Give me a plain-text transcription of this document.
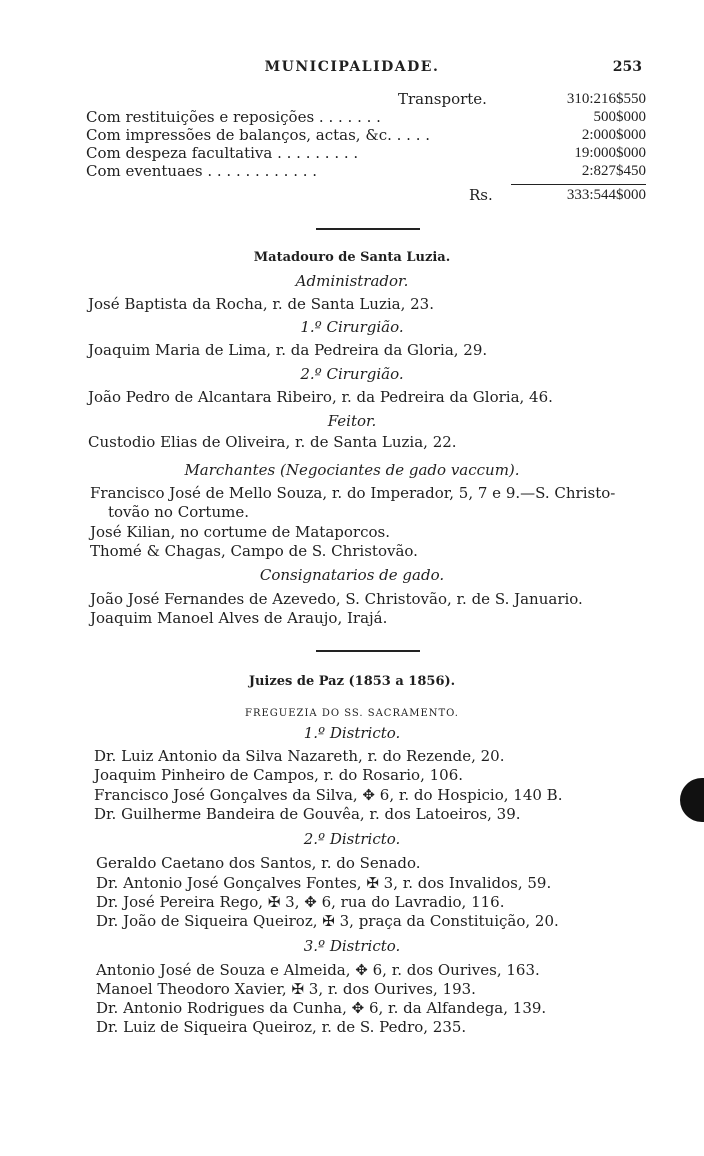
MUNICIPALIDADE.	253
Transporte.	310:216$550
Com restituições e reposições . . . . . . .	500$000
Com impressões de balanços, actas, &c. . . . .	2:000$000
Com despeza facultativa . . . . . . . . .	19:000$000
Com eventuaes . . . . . . . . . . . .	2:827$450
Rs.	333:544$000
Matadouro de Santa Luzia.
Administrador.
José Baptista da Rocha, r. de Santa Luzia, 23.
1.º Cirurgião.
Joaquim Maria de Lima, r. da Pedreira da Gloria, 29.
2.º Cirurgião.
João Pedro de Alcantara Ribeiro, r. da Pedreira da Gloria, 46.
Feitor.
Custodio Elias de Oliveira, r. de Santa Luzia, 22.
Marchantes (Negociantes de gado vaccum).
Francisco José de Mello Souza, r. do Imperador, 5, 7 e 9.—S. Christo-
tovão no Cortume.
José Kilian, no cortume de Mataporcos.
Thomé & Chagas, Campo de S. Christovão.
Consignatarios de gado.
João José Fernandes de Azevedo, S. Christovão, r. de S. Januario.
Joaquim Manoel Alves de Araujo, Irajá.
Juizes de Paz (1853 a 1856).
FREGUEZIA DO SS. SACRAMENTO.
1.º Districto.
Dr. Luiz Antonio da Silva Nazareth, r. do Rezende, 20.
Joaquim Pinheiro de Campos, r. do Rosario, 106.
Francisco José Gonçalves da Silva, ✥ 6, r. do Hospicio, 140 B.
Dr. Guilherme Bandeira de Gouvêa, r. dos Latoeiros, 39.
2.º Districto.
Geraldo Caetano dos Santos, r. do Senado.
Dr. Antonio José Gonçalves Fontes, ✠ 3, r. dos Invalidos, 59.
Dr. José Pereira Rego, ✠ 3, ✥ 6, rua do Lavradio, 116.
Dr. João de Siqueira Queiroz, ✠ 3, praça da Constituição, 20.
3.º Districto.
Antonio José de Souza e Almeida, ✥ 6, r. dos Ourives, 163.
Manoel Theodoro Xavier, ✠ 3, r. dos Ourives, 193.
Dr. Antonio Rodrigues da Cunha, ✥ 6, r. da Alfandega, 139.
Dr. Luiz de Siqueira Queiroz, r. de S. Pedro, 235.
